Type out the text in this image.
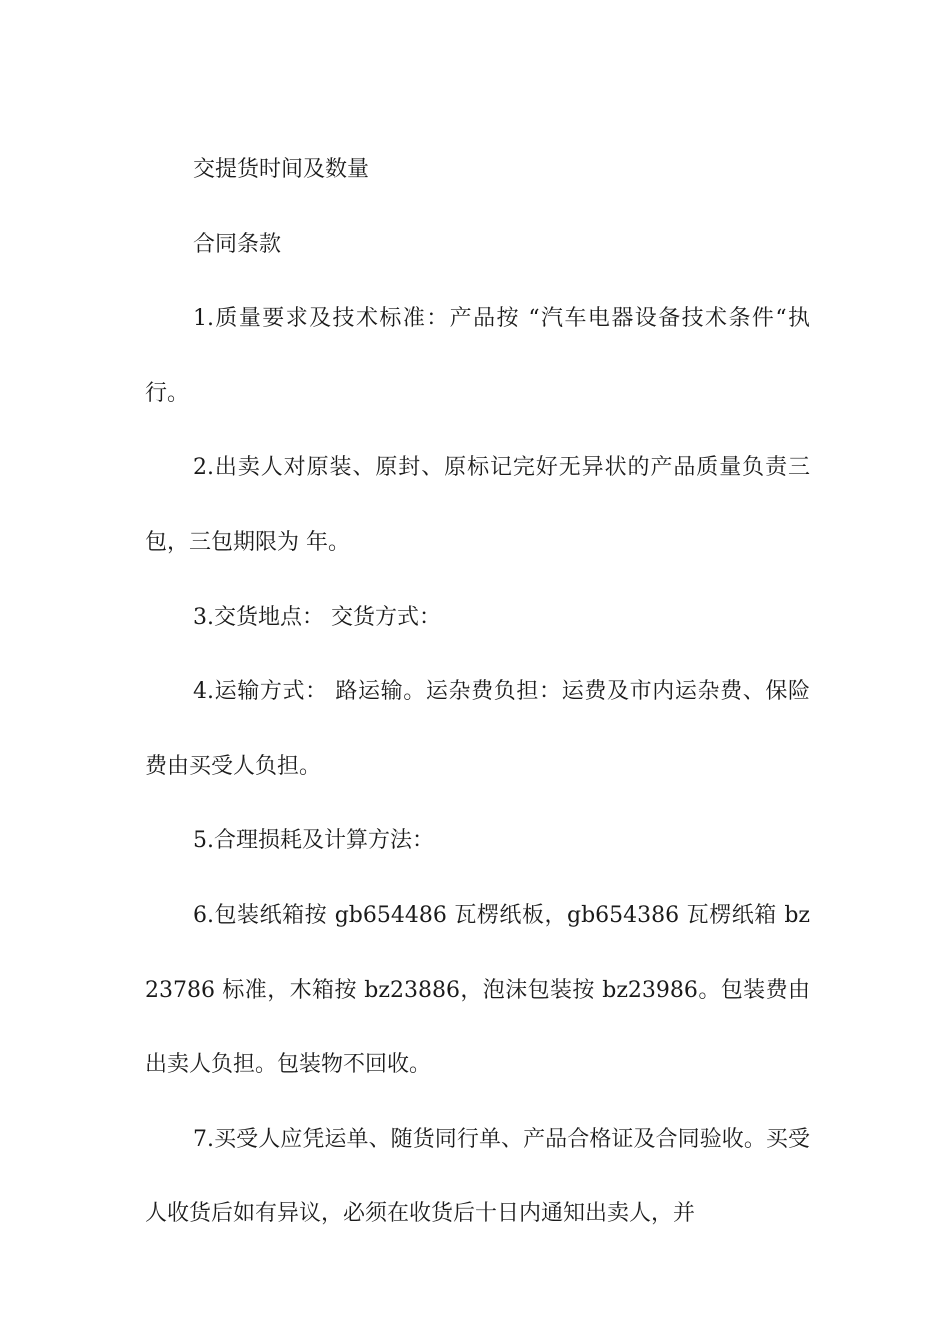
交提货时间及数量

合同条款

1.质量要求及技术标准：产品按 “汽车电器设备技术条件“执行。

2.出卖人对原装、原封、原标记完好无异状的产品质量负责三包，三包期限为 年。

3.交货地点： 交货方式：

4.运输方式： 路运输。运杂费负担：运费及市内运杂费、保险费由买受人负担。

5.合理损耗及计算方法：

6.包装纸箱按 gb654486 瓦楞纸板，gb654386 瓦楞纸箱 bz23786 标准，木箱按 bz23886，泡沫包装按 bz23986。包装费由出卖人负担。包装物不回收。

7.买受人应凭运单、随货同行单、产品合格证及合同验收。买受人收货后如有异议，必须在收货后十日内通知出卖人，并
